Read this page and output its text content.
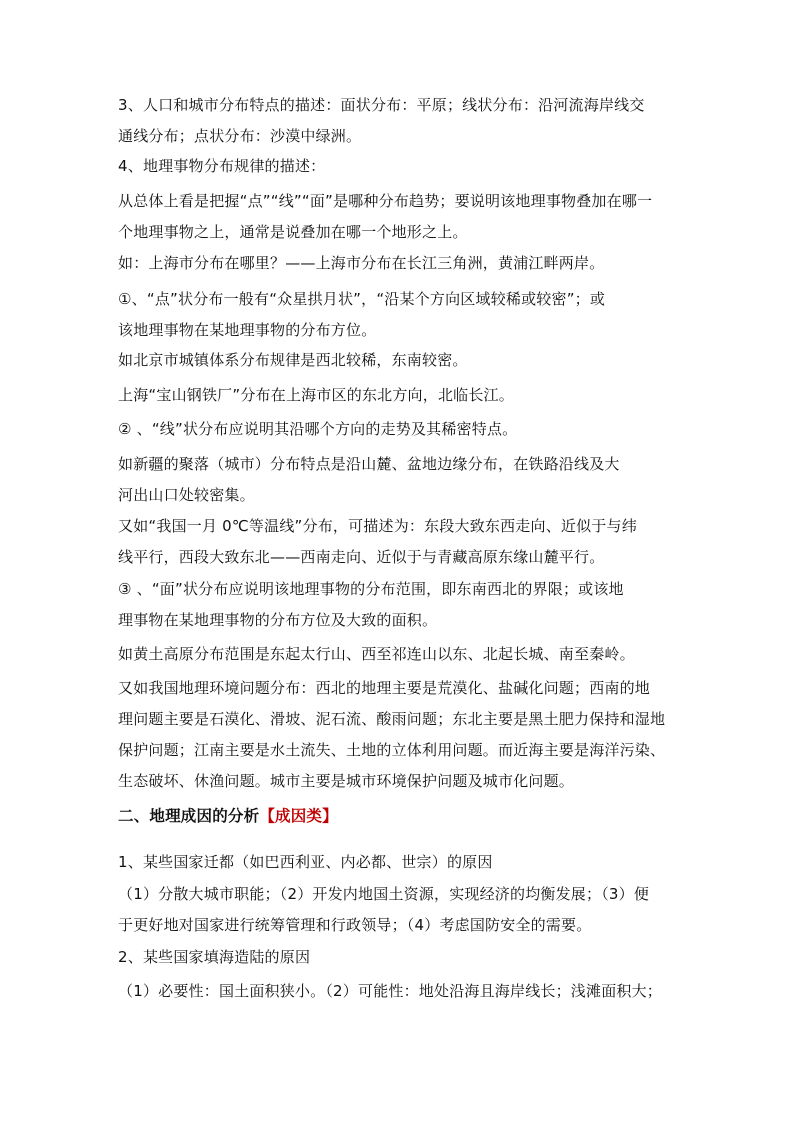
3、人口和城市分布特点的描述：面状分布：平原；线状分布：沿河流海岸线交
通线分布；点状分布：沙漠中绿洲。
4、地理事物分布规律的描述：
从总体上看是把握“点”“线”“面”是哪种分布趋势；要说明该地理事物叠加在哪一
个地理事物之上，通常是说叠加在哪一个地形之上。
如：上海市分布在哪里？——上海市分布在长江三角洲，黄浦江畔两岸。
①、“点”状分布一般有“众星拱月状”，“沿某个方向区域较稀或较密”；或
该地理事物在某地理事物的分布方位。
如北京市城镇体系分布规律是西北较稀，东南较密。
上海“宝山钢铁厂”分布在上海市区的东北方向，北临长江。
② 、“线”状分布应说明其沿哪个方向的走势及其稀密特点。
如新疆的聚落（城市）分布特点是沿山麓、盆地边缘分布，在铁路沿线及大
河出山口处较密集。
又如“我国一月 0℃等温线”分布，可描述为：东段大致东西走向、近似于与纬
线平行，西段大致东北——西南走向、近似于与青藏高原东缘山麓平行。
③ 、“面”状分布应说明该地理事物的分布范围，即东南西北的界限；或该地
理事物在某地理事物的分布方位及大致的面积。
如黄土高原分布范围是东起太行山、西至祁连山以东、北起长城、南至秦岭。
又如我国地理环境问题分布：西北的地理主要是荒漠化、盐碱化问题；西南的地
理问题主要是石漠化、滑坡、泥石流、酸雨问题；东北主要是黑土肥力保持和湿地
保护问题；江南主要是水土流失、土地的立体利用问题。而近海主要是海洋污染、
生态破坏、休渔问题。城市主要是城市环境保护问题及城市化问题。
二、地理成因的分析【成因类】
1、某些国家迁都（如巴西利亚、内必都、世宗）的原因
（1）分散大城市职能；（2）开发内地国土资源，实现经济的均衡发展；（3）便
于更好地对国家进行统筹管理和行政领导；（4）考虑国防安全的需要。
2、某些国家填海造陆的原因
（1）必要性：国土面积狭小。（2）可能性：地处沿海且海岸线长；浅滩面积大；
